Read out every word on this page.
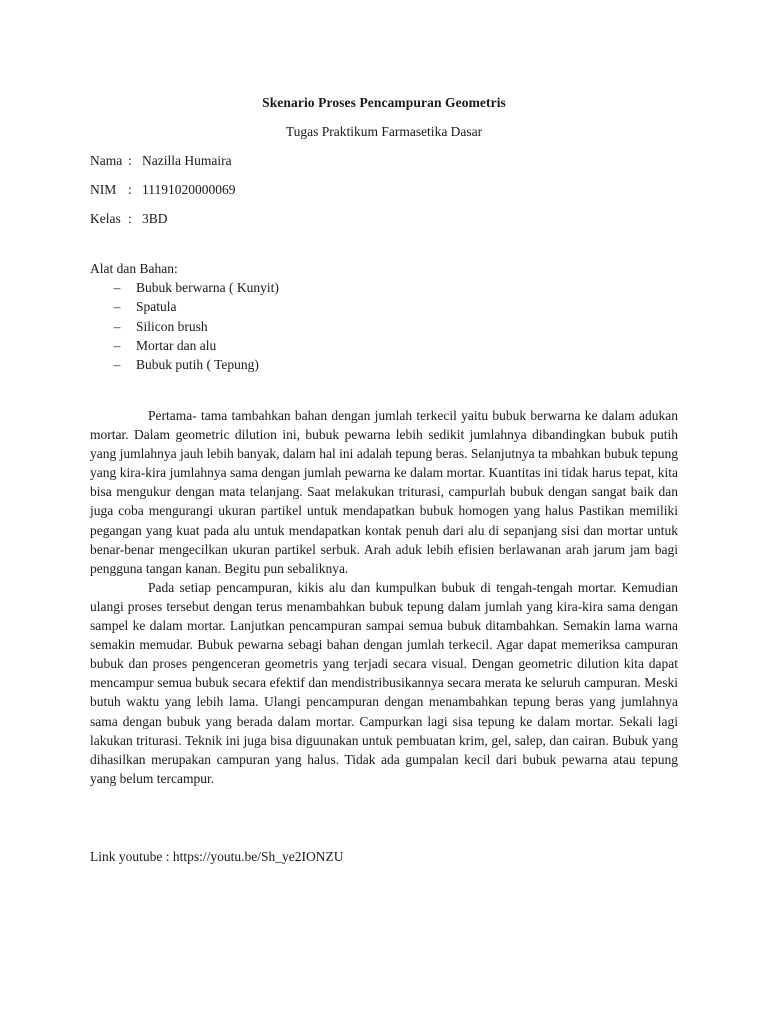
Skenario Proses Pencampuran Geometris
Tugas Praktikum Farmasetika Dasar
Nama : Nazilla Humaira
NIM : 11191020000069
Kelas : 3BD
Alat dan Bahan:
– Bubuk berwarna ( Kunyit)
– Spatula
– Silicon brush
– Mortar dan alu
– Bubuk putih ( Tepung)

Pertama- tama tambahkan bahan dengan jumlah terkecil yaitu bubuk berwarna ke dalam adukan mortar. Dalam geometric dilution ini, bubuk pewarna lebih sedikit jumlahnya dibandingkan bubuk putih yang jumlahnya jauh lebih banyak, dalam hal ini adalah tepung beras. Selanjutnya ta mbahkan bubuk tepung yang kira-kira jumlahnya sama dengan jumlah pewarna ke dalam mortar. Kuantitas ini tidak harus tepat, kita bisa mengukur dengan mata telanjang. Saat melakukan triturasi, campurlah bubuk dengan sangat baik dan juga coba mengurangi ukuran partikel untuk mendapatkan bubuk homogen yang halus Pastikan memiliki pegangan yang kuat pada alu untuk mendapatkan kontak penuh dari alu di sepanjang sisi dan mortar untuk benar-benar mengecilkan ukuran partikel serbuk. Arah aduk lebih efisien berlawanan arah jarum jam bagi pengguna tangan kanan. Begitu pun sebaliknya.

Pada setiap pencampuran, kikis alu dan kumpulkan bubuk di tengah-tengah mortar. Kemudian ulangi proses tersebut dengan terus menambahkan bubuk tepung dalam jumlah yang kira-kira sama dengan sampel ke dalam mortar. Lanjutkan pencampuran sampai semua bubuk ditambahkan. Semakin lama warna semakin memudar. Bubuk pewarna sebagi bahan dengan jumlah terkecil. Agar dapat memeriksa campuran bubuk dan proses pengenceran geometris yang terjadi secara visual. Dengan geometric dilution kita dapat mencampur semua bubuk secara efektif dan mendistribusikannya secara merata ke seluruh campuran. Meski butuh waktu yang lebih lama. Ulangi pencampuran dengan menambahkan tepung beras yang jumlahnya sama dengan bubuk yang berada dalam mortar. Campurkan lagi sisa tepung ke dalam mortar. Sekali lagi lakukan triturasi. Teknik ini juga bisa diguunakan untuk pembuatan krim, gel, salep, dan cairan. Bubuk yang dihasilkan merupakan campuran yang halus. Tidak ada gumpalan kecil dari bubuk pewarna atau tepung yang belum tercampur.

Link youtube : https://youtu.be/Sh_ye2IONZU
